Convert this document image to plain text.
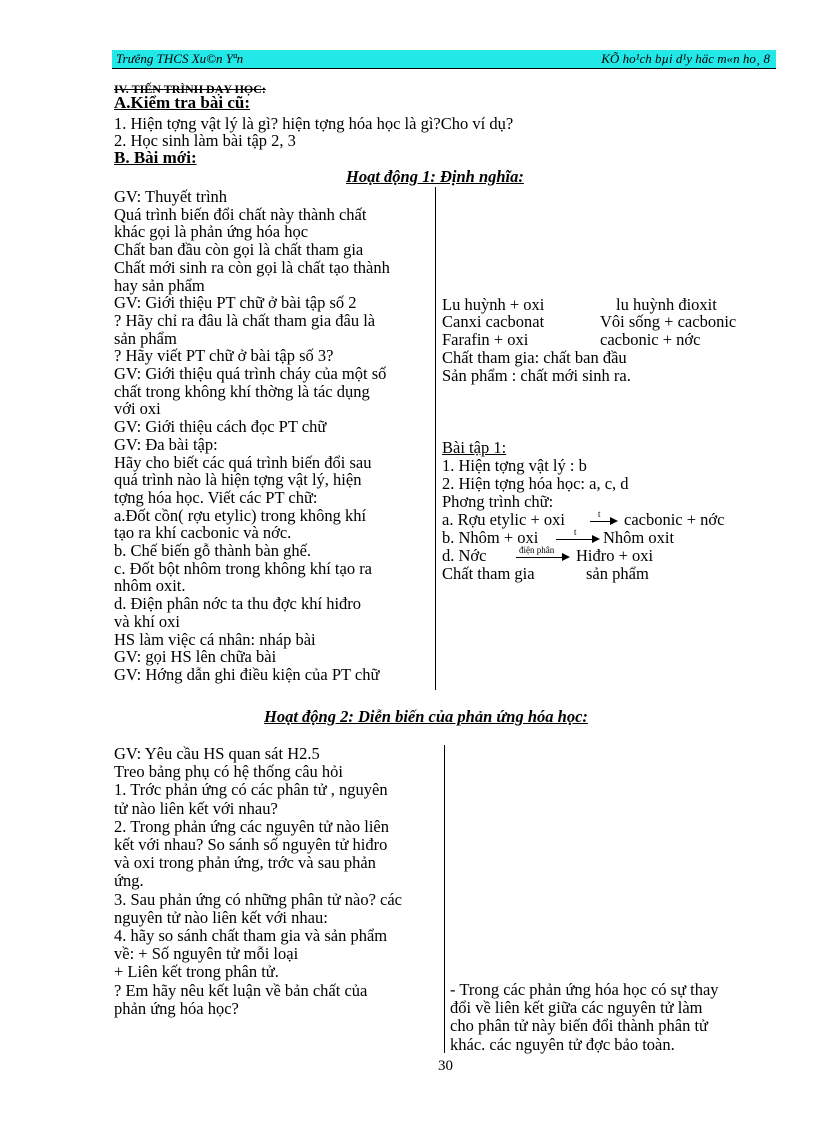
Trưêng THCS Xu©n Yªn	KÕ ho¹ch bµi d¹y häc m«n ho¸ 8
IV. TIẾN TRÌNH DẠY HỌC:
A.Kiểm tra bài cũ:
1. Hiện tợng vật lý là gì? hiện tợng hóa học là gì?Cho ví dụ?
2. Học sinh làm bài tập 2, 3
B. Bài mới:
Hoạt động 1: Định nghĩa:
GV: Thuyết trình
Quá trình biến đổi chất này thành chất
khác gọi là phản ứng hóa học
Chất ban đầu còn gọi là chất tham gia
Chất mới sinh ra còn gọi là chất tạo thành
hay sản phẩm
GV: Giới thiệu PT chữ ở bài tập số 2
? Hãy chỉ ra đâu là chất tham gia đâu là
sản phẩm
? Hãy viết PT chữ ở bài tập số 3?
GV: Giới thiệu quá trình cháy của một số
chất trong không khí thờng là tác dụng
với oxi
GV: Giới thiệu cách đọc PT chữ
GV: Đa bài tập:
Hãy cho biết các quá trình biến đổi sau
quá trình nào là hiện tợng vật lý, hiện
tợng hóa học. Viết các PT chữ:
a.Đốt cồn( rợu etylic) trong không khí
tạo ra khí cacbonic và nớc.
b. Chế biến gỗ thành bàn ghế.
c. Đốt bột nhôm trong không khí tạo ra
nhôm oxit.
d. Điện phân nớc ta thu đợc khí hiđro
và khí oxi
HS làm việc cá nhân: nháp bài
GV: gọi HS lên chữa bài
GV: Hớng dẫn ghi điều kiện của PT chữ
Lu huỳnh + oxi	lu huỳnh đioxit
Canxi cacbonat	Vôi sống + cacbonic
Farafin + oxi	cacbonic + nớc
Chất tham gia: chất ban đầu
Sản phẩm : chất mới sinh ra.
Bài tập 1:
1. Hiện tợng vật lý : b
2. Hiện tợng hóa học: a, c, d
Phơng trình chữ:
a. Rợu etylic + oxi	t cacbonic + nớc
b. Nhôm + oxi	t Nhôm oxit
d. Nớc	điện phân Hiđro + oxi
Chất tham gia	sản phẩm
Hoạt động 2: Diễn biến của phản ứng hóa học:
GV: Yêu cầu HS quan sát H2.5
Treo bảng phụ có hệ thống câu hỏi
1. Trớc phản ứng có các phân tử , nguyên
tử nào liên kết với nhau?
2. Trong phản ứng các nguyên tử nào liên
kết với nhau? So sánh số nguyên tử hiđro
và oxi trong phản ứng, trớc và sau phản
ứng.
3. Sau phản ứng có những phân tử nào? các
nguyên tử nào liên kết với nhau:
4. hãy so sánh chất tham gia và sản phẩm
về: + Số nguyên tử mỗi loại
+ Liên kết trong phân tử.
? Em hãy nêu kết luận về bản chất của
phản ứng hóa học?
- Trong các phản ứng hóa học có sự thay
đổi về liên kết giữa các nguyên tử làm
cho phân tử này biến đổi thành phân tử
khác. các nguyên tử đợc bảo toàn.
30
